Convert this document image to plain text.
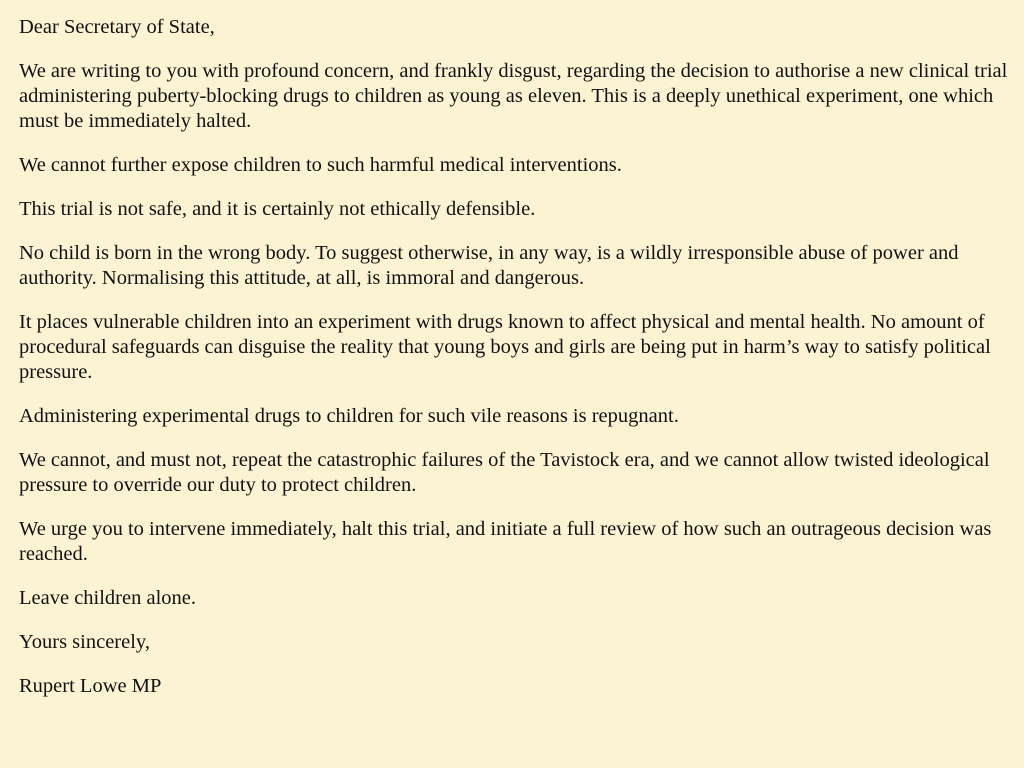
Dear Secretary of State,

We are writing to you with profound concern, and frankly disgust, regarding the decision to authorise a new clinical trial administering puberty-blocking drugs to children as young as eleven. This is a deeply unethical experiment, one which must be immediately halted.

We cannot further expose children to such harmful medical interventions.

This trial is not safe, and it is certainly not ethically defensible.

No child is born in the wrong body. To suggest otherwise, in any way, is a wildly irresponsible abuse of power and authority. Normalising this attitude, at all, is immoral and dangerous.

It places vulnerable children into an experiment with drugs known to affect physical and mental health. No amount of procedural safeguards can disguise the reality that young boys and girls are being put in harm’s way to satisfy political pressure.

Administering experimental drugs to children for such vile reasons is repugnant.

We cannot, and must not, repeat the catastrophic failures of the Tavistock era, and we cannot allow twisted ideological pressure to override our duty to protect children.

We urge you to intervene immediately, halt this trial, and initiate a full review of how such an outrageous decision was reached.

Leave children alone.

Yours sincerely,

Rupert Lowe MP
